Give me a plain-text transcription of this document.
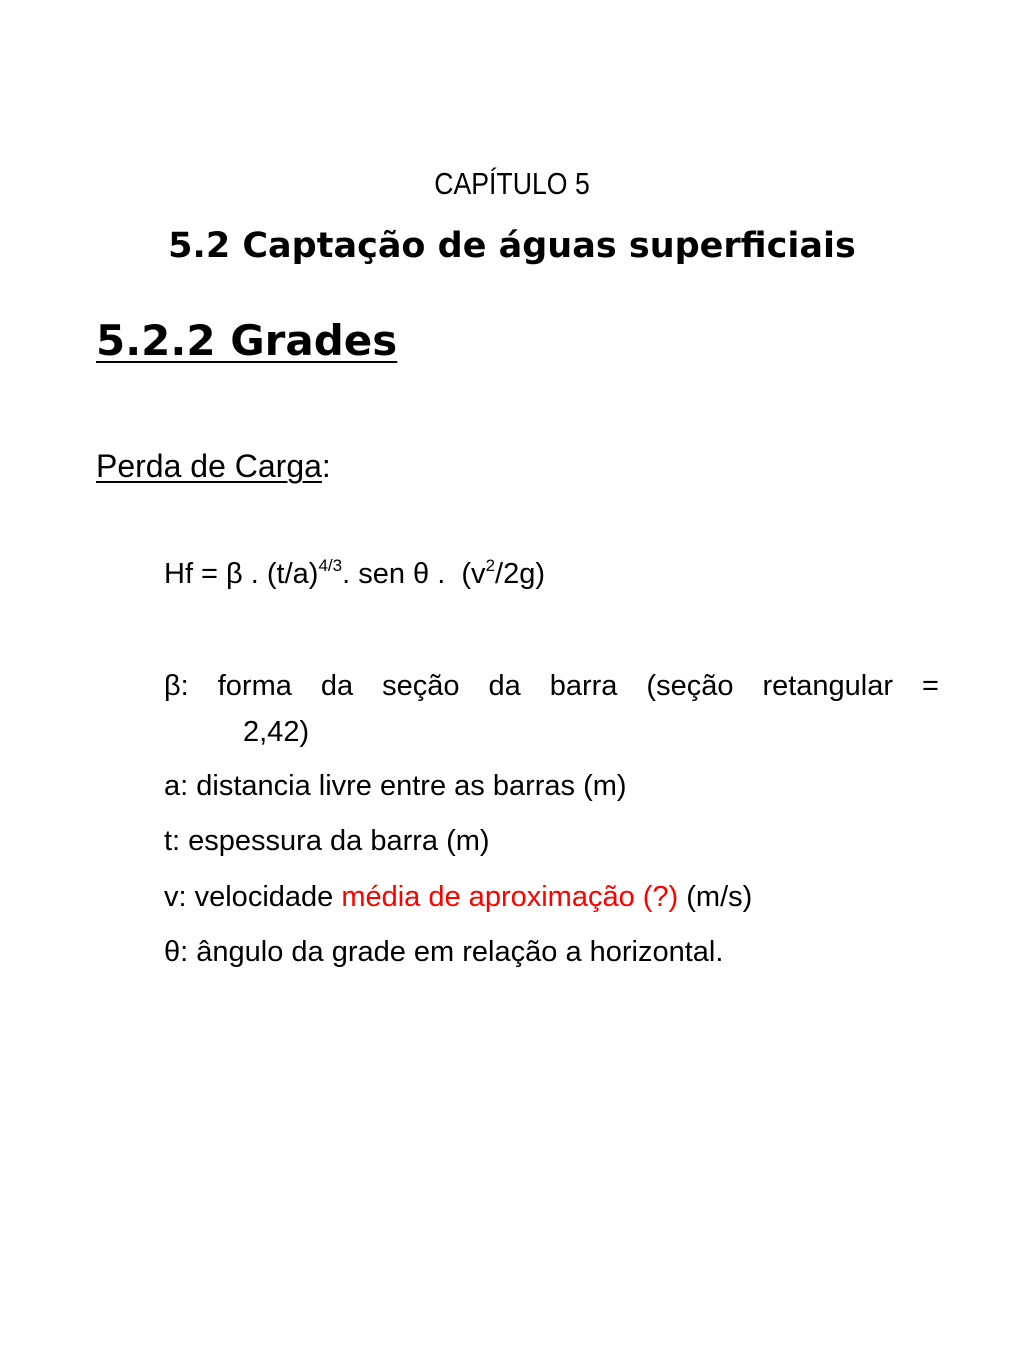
CAPÍTULO 5
5.2 Captação de águas superficiais
5.2.2 Grades
Perda de Carga:
Hf = β . $(t/a)^{4/3}$. sen θ .  $(v^2/2g)$
β: forma da seção da barra (seção retangular =
2,42)
a: distancia livre entre as barras (m)
t: espessura da barra (m)
v: velocidade média de aproximação (?) (m/s)
θ: ângulo da grade em relação a horizontal.
